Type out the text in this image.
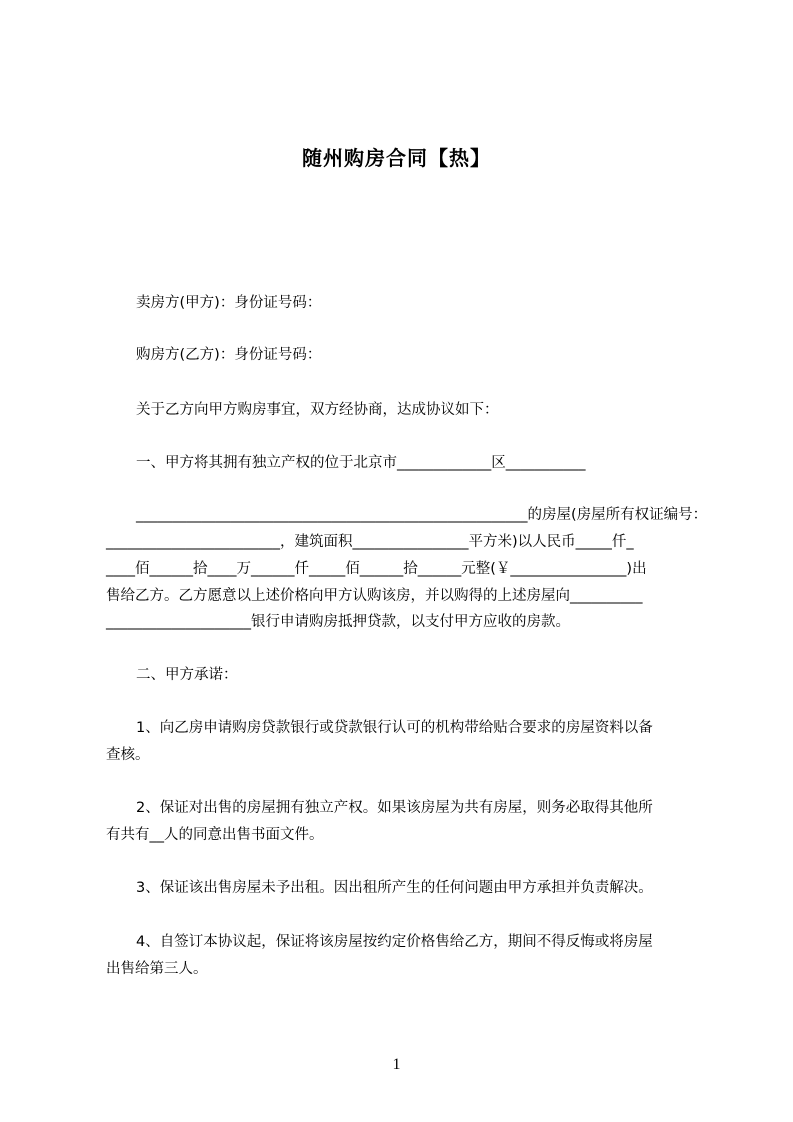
随州购房合同【热】
卖房方(甲方)：身份证号码：
购房方(乙方)：身份证号码：
关于乙方向甲方购房事宜，双方经协商，达成协议如下：
一、甲方将其拥有独立产权的位于北京市_____________区___________
______________________________________________________的房屋(房屋所有权证编号：
________________________，建筑面积________________平方米)以人民币_____仟_
____佰______拾____万______仟_____佰______拾______元整(￥________________)出
售给乙方。乙方愿意以上述价格向甲方认购该房，并以购得的上述房屋向__________
____________________银行申请购房抵押贷款，以支付甲方应收的房款。
二、甲方承诺：
1、向乙房申请购房贷款银行或贷款银行认可的机构带给贴合要求的房屋资料以备
查核。
2、保证对出售的房屋拥有独立产权。如果该房屋为共有房屋，则务必取得其他所
有共有__人的同意出售书面文件。
3、保证该出售房屋未予出租。因出租所产生的任何问题由甲方承担并负责解决。
4、自签订本协议起，保证将该房屋按约定价格售给乙方，期间不得反悔或将房屋
出售给第三人。
1
